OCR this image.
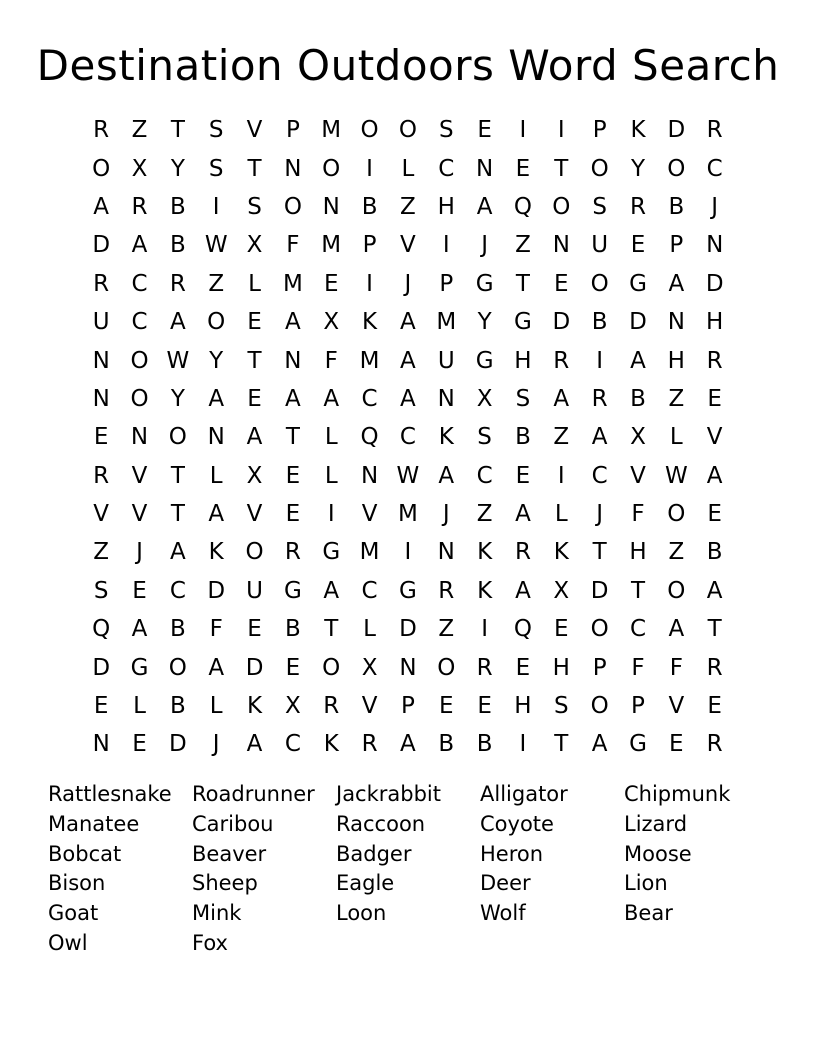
Destination Outdoors Word Search
R Z	T	S	V	P M O O S	E	I	I	P	K D R
O X	Y	S	T N O	I	L	C N E	T O Y O C
A R B	I	S O N B Z H A Q O S	R B	J
D A B W X	F M P	V	I	J	Z N U E	P N
R C R Z	L M E	I	J	P G T	E O G A D
U C A O E	A X K A M Y G D B D N H
N O W Y	T N	F M A U G H R	I	A H R
N O Y	A	E	A A C A N X	S	A R B Z	E
E N O N A	T	L Q C K	S	B Z A X	L	V
R V	T	L	X	E	L	N W A C	E	I	C V W A
V V	T	A V	E	I	V M	J	Z A	L	J	F O E
Z	J	A K O R G M	I	N K R K	T H Z B
S	E	C D U G A C G R K A X D T O A
Q A B	F	E	B	T	L	D Z	I	Q E O C A	T
D G O A D E O X N O R	E H P	F	F	R
E	L	B	L	K X R V	P	E	E H S O P	V	E
N E D	J	A C K R A B B	I	T	A G E	R
Rattlesnake
Manatee
Bobcat
Bison
Goat
Owl
Roadrunner
Caribou
Beaver
Sheep
Mink
Fox
Jackrabbit
Raccoon
Badger
Eagle
Loon
Alligator
Coyote
Heron
Deer
Wolf
Chipmunk
Lizard
Moose
Lion
Bear
